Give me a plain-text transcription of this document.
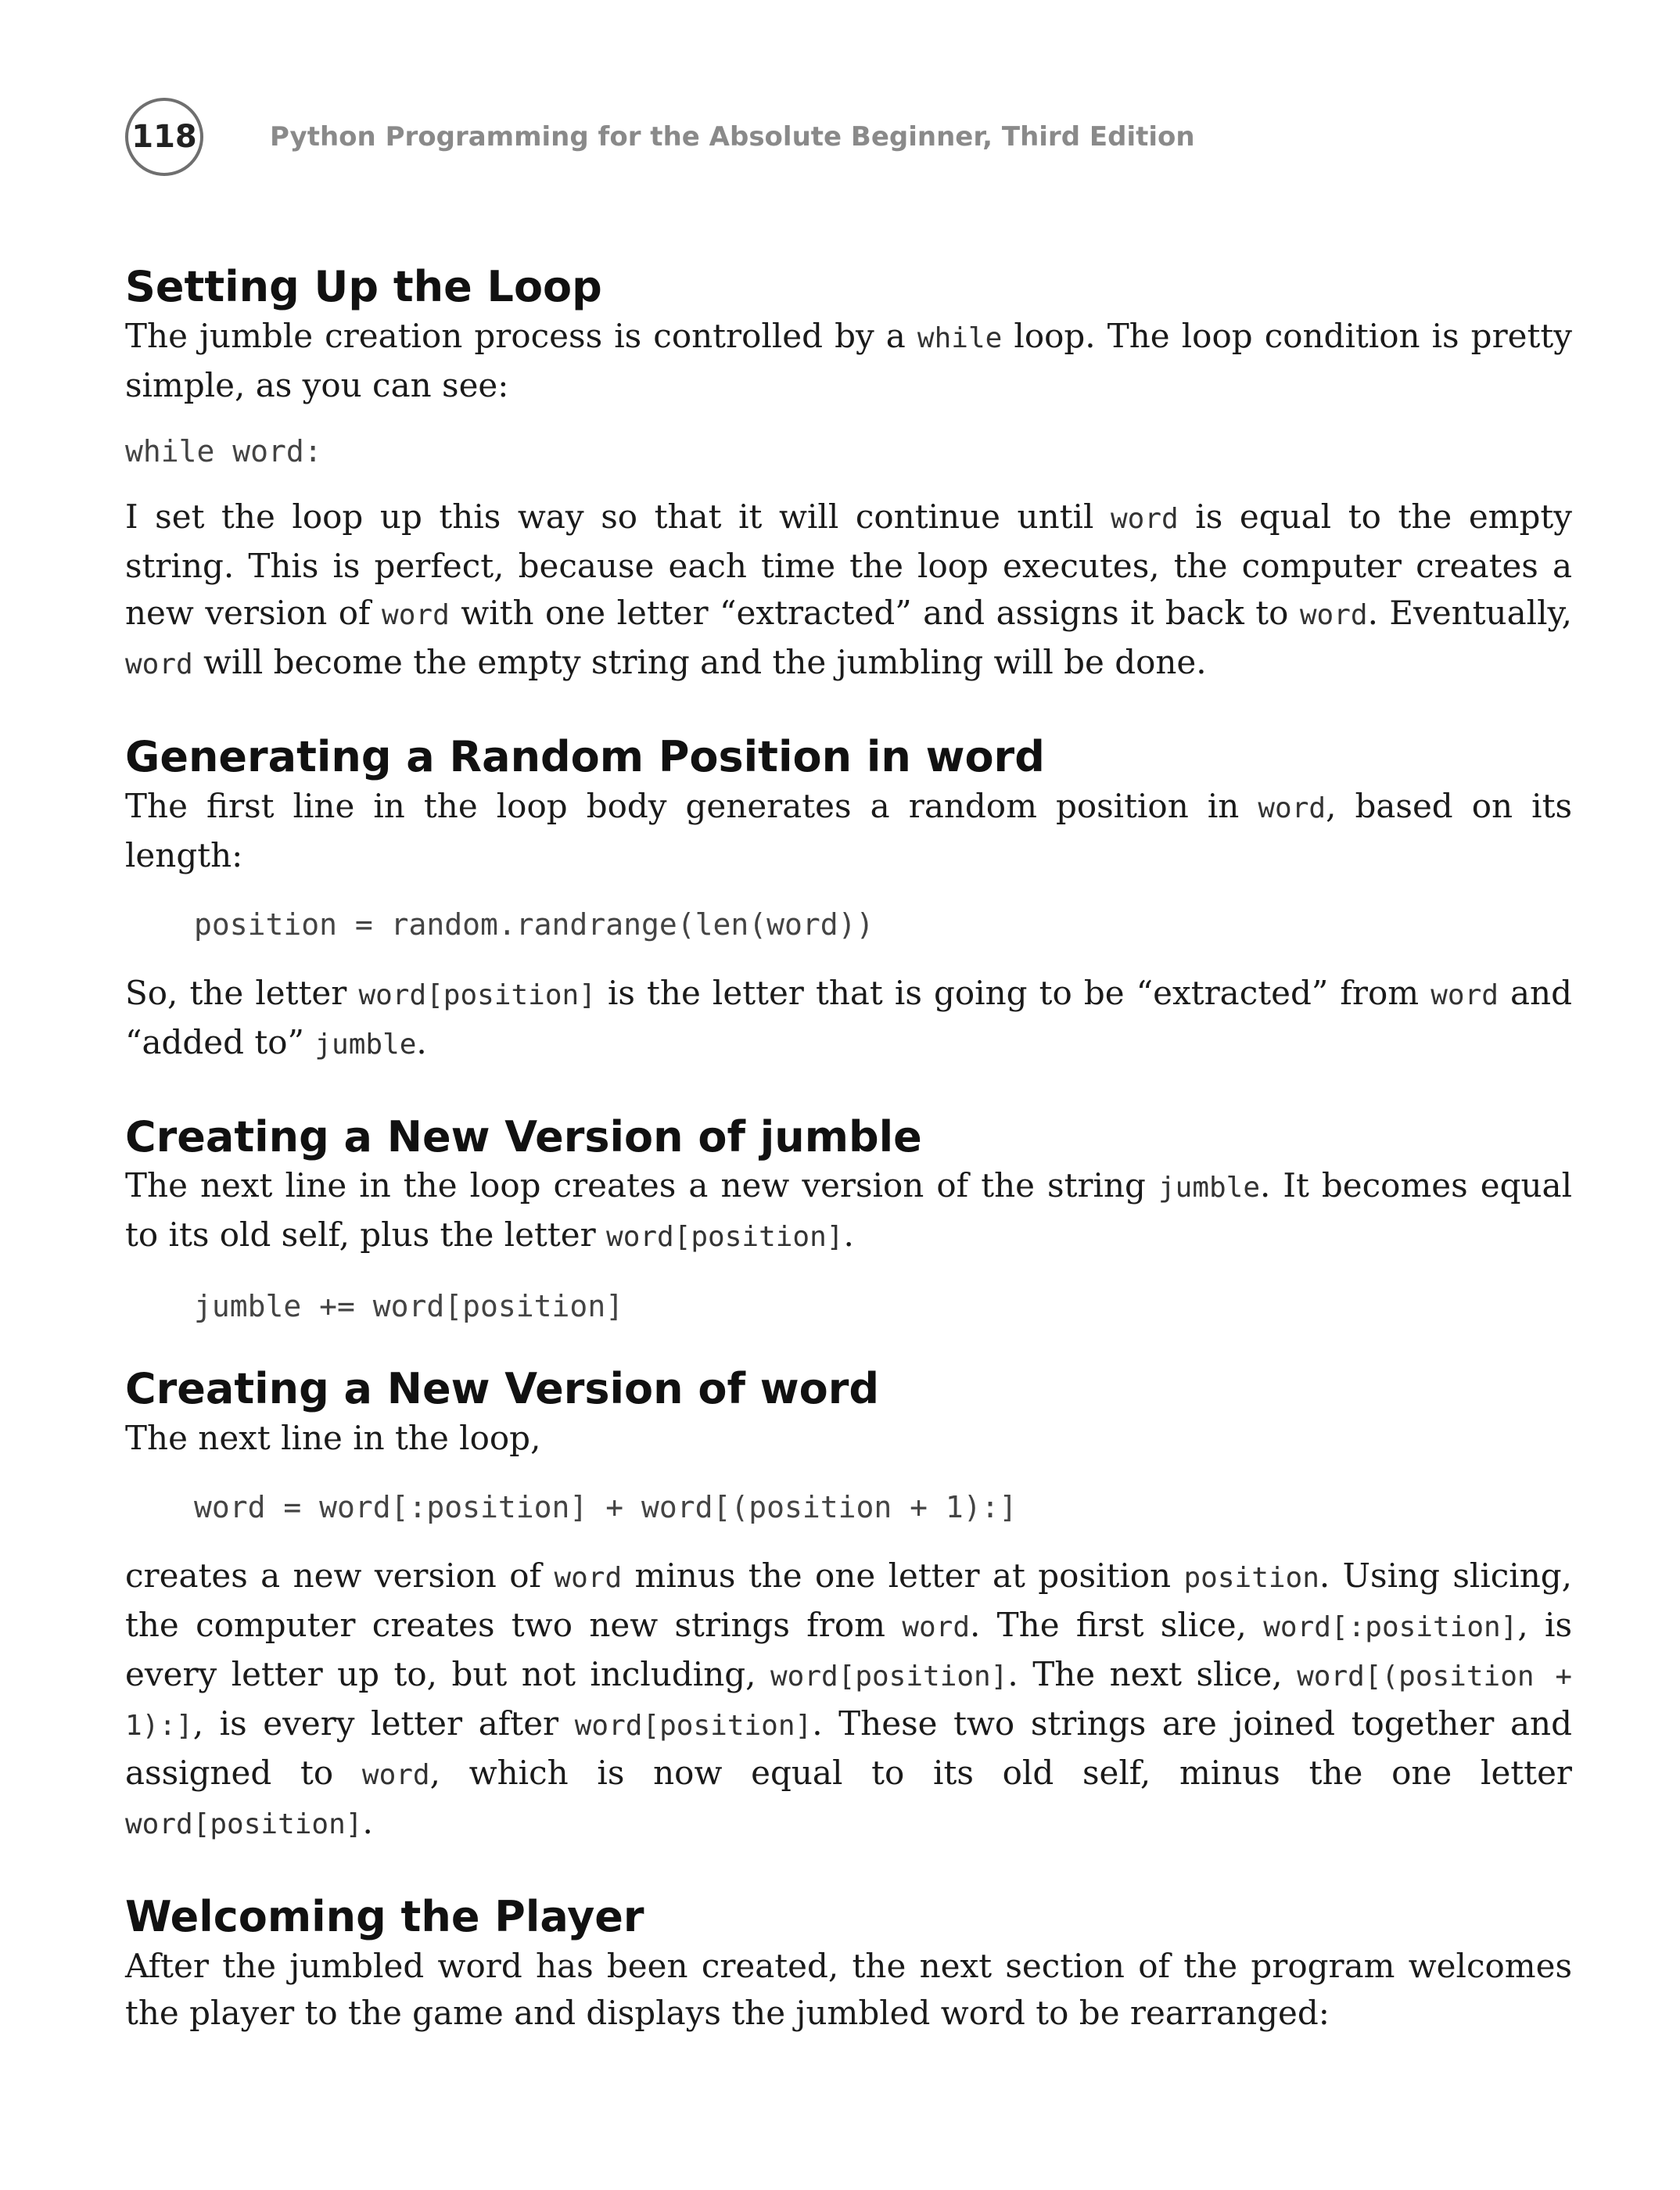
118	Python Programming for the Absolute Beginner, Third Edition
Setting Up the Loop

The jumble creation process is controlled by a while loop. The loop condition is pretty simple, as you can see:

while word:

I set the loop up this way so that it will continue until word is equal to the empty string. This is perfect, because each time the loop executes, the computer creates a new version of word with one letter “extracted” and assigns it back to word. Eventually, word will become the empty string and the jumbling will be done.

Generating a Random Position in word

The first line in the loop body generates a random position in word, based on its length:

position = random.randrange(len(word))

So, the letter word[position] is the letter that is going to be “extracted” from word and “added to” jumble.

Creating a New Version of jumble

The next line in the loop creates a new version of the string jumble. It becomes equal to its old self, plus the letter word[position].

jumble += word[position]
Creating a New Version of word

The next line in the loop,

word = word[:position] + word[(position + 1):]

creates a new version of word minus the one letter at position position. Using slicing, the computer creates two new strings from word. The first slice, word[:position], is every letter up to, but not including, word[position]. The next slice, word[(position + 1):], is every letter after word[position]. These two strings are joined together and assigned to word, which is now equal to its old self, minus the one letter word[position].

Welcoming the Player

After the jumbled word has been created, the next section of the program welcomes the player to the game and displays the jumbled word to be rearranged:
